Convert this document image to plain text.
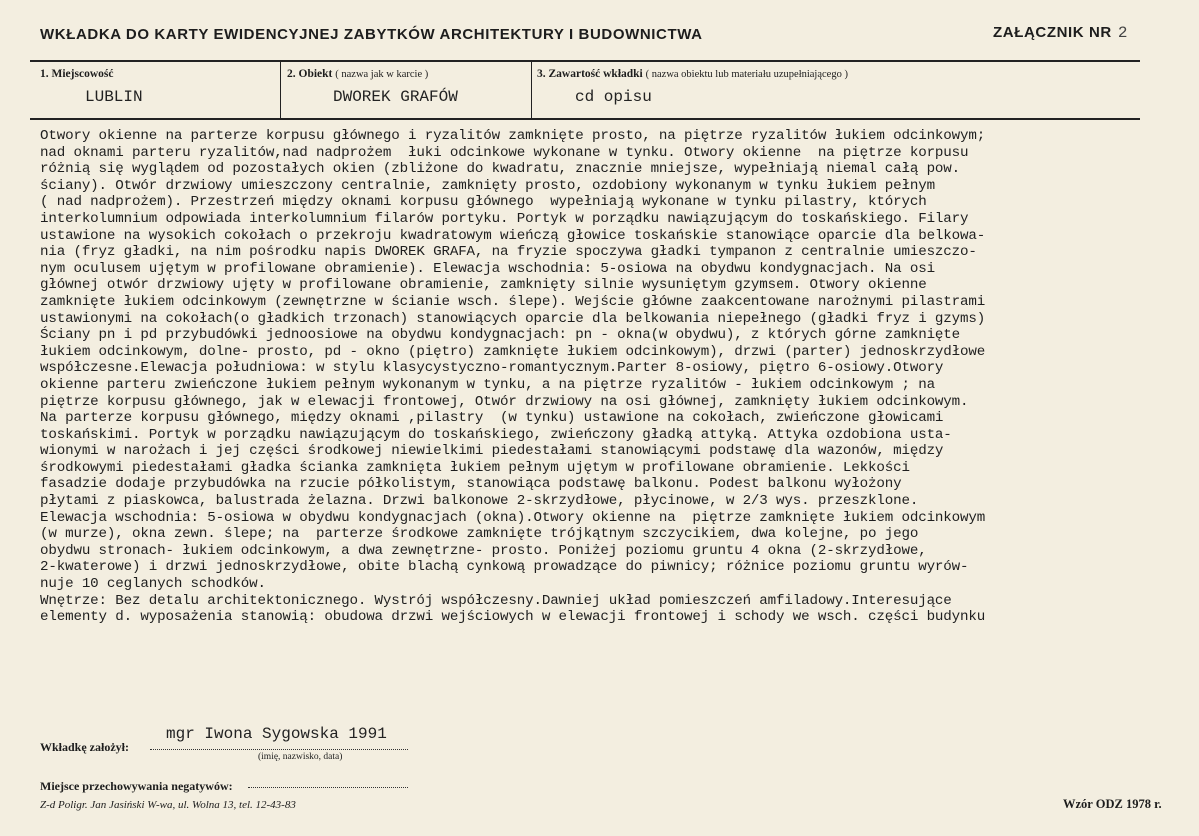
WKŁADKA DO KARTY EWIDENCYJNEJ ZABYTKÓW ARCHITEKTURY I BUDOWNICTWA	ZAŁĄCZNIK NR 2
1. Miejscowość
LUBLIN
2. Obiekt ( nazwa jak w karcie )
DWOREK GRAFÓW
3. Zawartość wkładki ( nazwa obiektu lub materiału uzupełniającego )
cd opisu
Otwory okienne na parterze korpusu głównego i ryzalitów zamknięte prosto, na piętrze ryzalitów łukiem odcinkowym;
nad oknami parteru ryzalitów,nad nadprożem  łuki odcinkowe wykonane w tynku. Otwory okienne  na piętrze korpusu
różnią się wyglądem od pozostałych okien (zbliżone do kwadratu, znacznie mniejsze, wypełniają niemal całą pow.
ściany). Otwór drzwiowy umieszczony centralnie, zamknięty prosto, ozdobiony wykonanym w tynku łukiem pełnym
( nad nadprożem). Przestrzeń między oknami korpusu głównego  wypełniają wykonane w tynku pilastry, których
interkolumnium odpowiada interkolumnium filarów portyku. Portyk w porządku nawiązującym do toskańskiego. Filary
ustawione na wysokich cokołach o przekroju kwadratowym wieńczą głowice toskańskie stanowiące oparcie dla belkowa-
nia (fryz gładki, na nim pośrodku napis DWOREK GRAFA, na fryzie spoczywa gładki tympanon z centralnie umieszczo-
nym oculusem ujętym w profilowane obramienie). Elewacja wschodnia: 5-osiowa na obydwu kondygnacjach. Na osi
głównej otwór drzwiowy ujęty w profilowane obramienie, zamknięty silnie wysuniętym gzymsem. Otwory okienne
zamknięte łukiem odcinkowym (zewnętrzne w ścianie wsch. ślepe). Wejście główne zaakcentowane narożnymi pilastrami
ustawionymi na cokołach(o gładkich trzonach) stanowiących oparcie dla belkowania niepełnego (gładki fryz i gzyms)
Ściany pn i pd przybudówki jednoosiowe na obydwu kondygnacjach: pn - okna(w obydwu), z których górne zamknięte
łukiem odcinkowym, dolne- prosto, pd - okno (piętro) zamknięte łukiem odcinkowym), drzwi (parter) jednoskrzydłowe
współczesne.Elewacja południowa: w stylu klasycystyczno-romantycznym.Parter 8-osiowy, piętro 6-osiowy.Otwory
okienne parteru zwieńczone łukiem pełnym wykonanym w tynku, a na piętrze ryzalitów - łukiem odcinkowym ; na
piętrze korpusu głównego, jak w elewacji frontowej, Otwór drzwiowy na osi głównej, zamknięty łukiem odcinkowym.
Na parterze korpusu głównego, między oknami ,pilastry  (w tynku) ustawione na cokołach, zwieńczone głowicami
toskańskimi. Portyk w porządku nawiązującym do toskańskiego, zwieńczony gładką attyką. Attyka ozdobiona usta-
wionymi w narożach i jej części środkowej niewielkimi piedestałami stanowiącymi podstawę dla wazonów, między
środkowymi piedestałami gładka ścianka zamknięta łukiem pełnym ujętym w profilowane obramienie. Lekkości
fasadzie dodaje przybudówka na rzucie półkolistym, stanowiąca podstawę balkonu. Podest balkonu wyłożony
płytami z piaskowca, balustrada żelazna. Drzwi balkonowe 2-skrzydłowe, płycinowe, w 2/3 wys. przeszklone.
Elewacja wschodnia: 5-osiowa w obydwu kondygnacjach (okna).Otwory okienne na  piętrze zamknięte łukiem odcinkowym
(w murze), okna zewn. ślepe; na  parterze środkowe zamknięte trójkątnym szczycikiem, dwa kolejne, po jego
obydwu stronach- łukiem odcinkowym, a dwa zewnętrzne- prosto. Poniżej poziomu gruntu 4 okna (2-skrzydłowe,
2-kwaterowe) i drzwi jednoskrzydłowe, obite blachą cynkową prowadzące do piwnicy; różnice poziomu gruntu wyrów-
nuje 10 ceglanych schodków.
Wnętrze: Bez detalu architektonicznego. Wystrój współczesny.Dawniej układ pomieszczeń amfiladowy.Interesujące
elementy d. wyposażenia stanowią: obudowa drzwi wejściowych w elewacji frontowej i schody we wsch. części budynku
mgr Iwona Sygowska 1991
Wkładkę założył:
(imię, nazwisko, data)
Miejsce przechowywania negatywów:
Z-d Poligr. Jan Jasiński W-wa, ul. Wolna 13, tel. 12-43-83	Wzór ODZ 1978 r.
